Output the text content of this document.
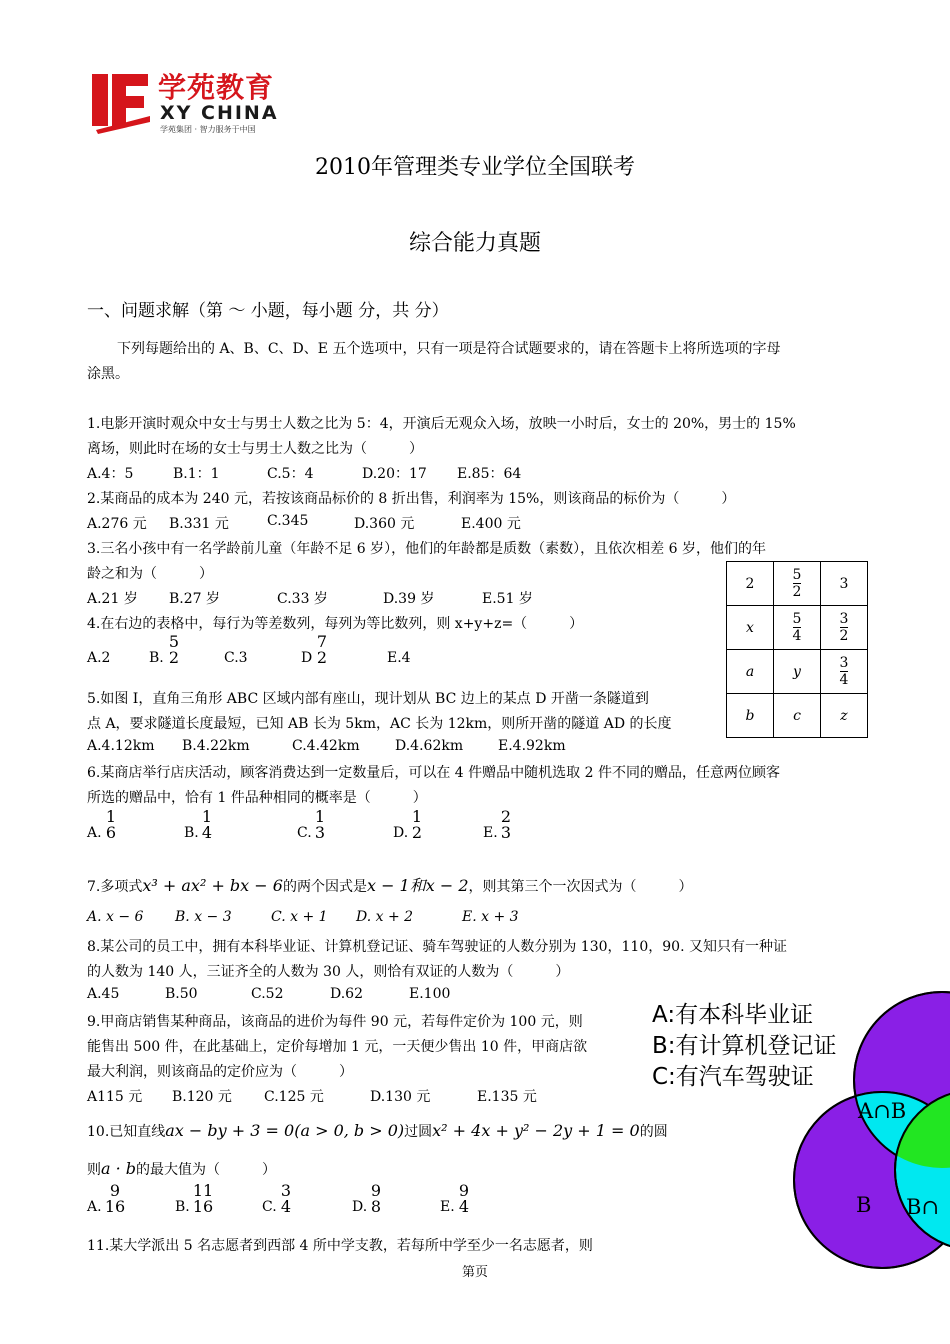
学苑教育
XY CHINA
学苑集团 · 智力服务于中国
2010年管理类专业学位全国联考
综合能力真题
一、问题求解（第 ～ 小题，每小题 分，共 分）
下列每题给出的 A、B、C、D、E 五个选项中，只有一项是符合试题要求的，请在答题卡上将所选项的字母
涂黑。
1.电影开演时观众中女士与男士人数之比为 5：4，开演后无观众入场，放映一小时后，女士的 20%，男士的 15%
离场，则此时在场的女士与男士人数之比为（　　　）
A.4：5	B.1：1	C.5：4	D.20：17 E.85：64
2.某商品的成本为 240 元，若按该商品标价的 8 折出售，利润率为 15%，则该商品的标价为（　　　）
A.276 元 B.331 元	C.345	D.360 元	E.400 元
3.三名小孩中有一名学龄前儿童（年龄不足 6 岁），他们的年龄都是质数（素数），且依次相差 6 岁，他们的年
龄之和为（　　　）
A.21 岁 B.27 岁	C.33 岁	D.39 岁	E.51 岁
4.在右边的表格中，每行为等差数列，每列为等比数列，则 x+y+z=（　　　）
A.2	B.	C.3	D	E.4
5
2
7
2
2	$\frac{5}{2}$	3
x	$\frac{5}{4}$	$\frac{3}{2}$

a	y	$\frac{3}{4}$

b	c	z
5.如图 I，直角三角形 ABC 区域内部有座山，现计划从 BC 边上的某点 D 开凿一条隧道到
点 A，要求隧道长度最短，已知 AB 长为 5km，AC 长为 12km，则所开凿的隧道 AD 的长度
A.4.12km B.4.22km	C.4.42km	D.4.62km E.4.92km
6.某商店举行店庆活动，顾客消费达到一定数量后，可以在 4 件赠品中随机选取 2 件不同的赠品，任意两位顾客
所选的赠品中，恰有 1 件品种相同的概率是（　　　）
A.	B.	C.	D.	E.
1
6
1
4
1
3
1
2
2
3
7.多项式x³ + ax² + bx − 6的两个因式是x − 1和x − 2，则其第三个一次因式为（　　　）
A. x − 6 B. x − 3	C. x + 1 D. x + 2	E. x + 3
8.某公司的员工中，拥有本科毕业证、计算机登记证、骑车驾驶证的人数分别为 130，110，90. 又知只有一种证
的人数为 140 人，三证齐全的人数为 30 人，则恰有双证的人数为（　　　）
A.45	B.50	C.52	D.62	E.100
A∩B
B B∩
A:有本科毕业证
B:有计算机登记证
C:有汽车驾驶证
9.甲商店销售某种商品，该商品的进价为每件 90 元，若每件定价为 100 元，则
能售出 500 件，在此基础上，定价每增加 1 元，一天便少售出 10 件，甲商店欲
最大利润，则该商品的定价应为（　　　）
A115 元 B.120 元 C.125 元	D.130 元	E.135 元
10.已知直线ax − by + 3 = 0(a > 0, b > 0)过圆x² + 4x + y² − 2y + 1 = 0的圆
则a · b的最大值为（　　　）
A.	B.	C.	D.	E.
9
16
11
16
3
4
9
8
9
4
11.某大学派出 5 名志愿者到西部 4 所中学支教，若每所中学至少一名志愿者，则
第页
